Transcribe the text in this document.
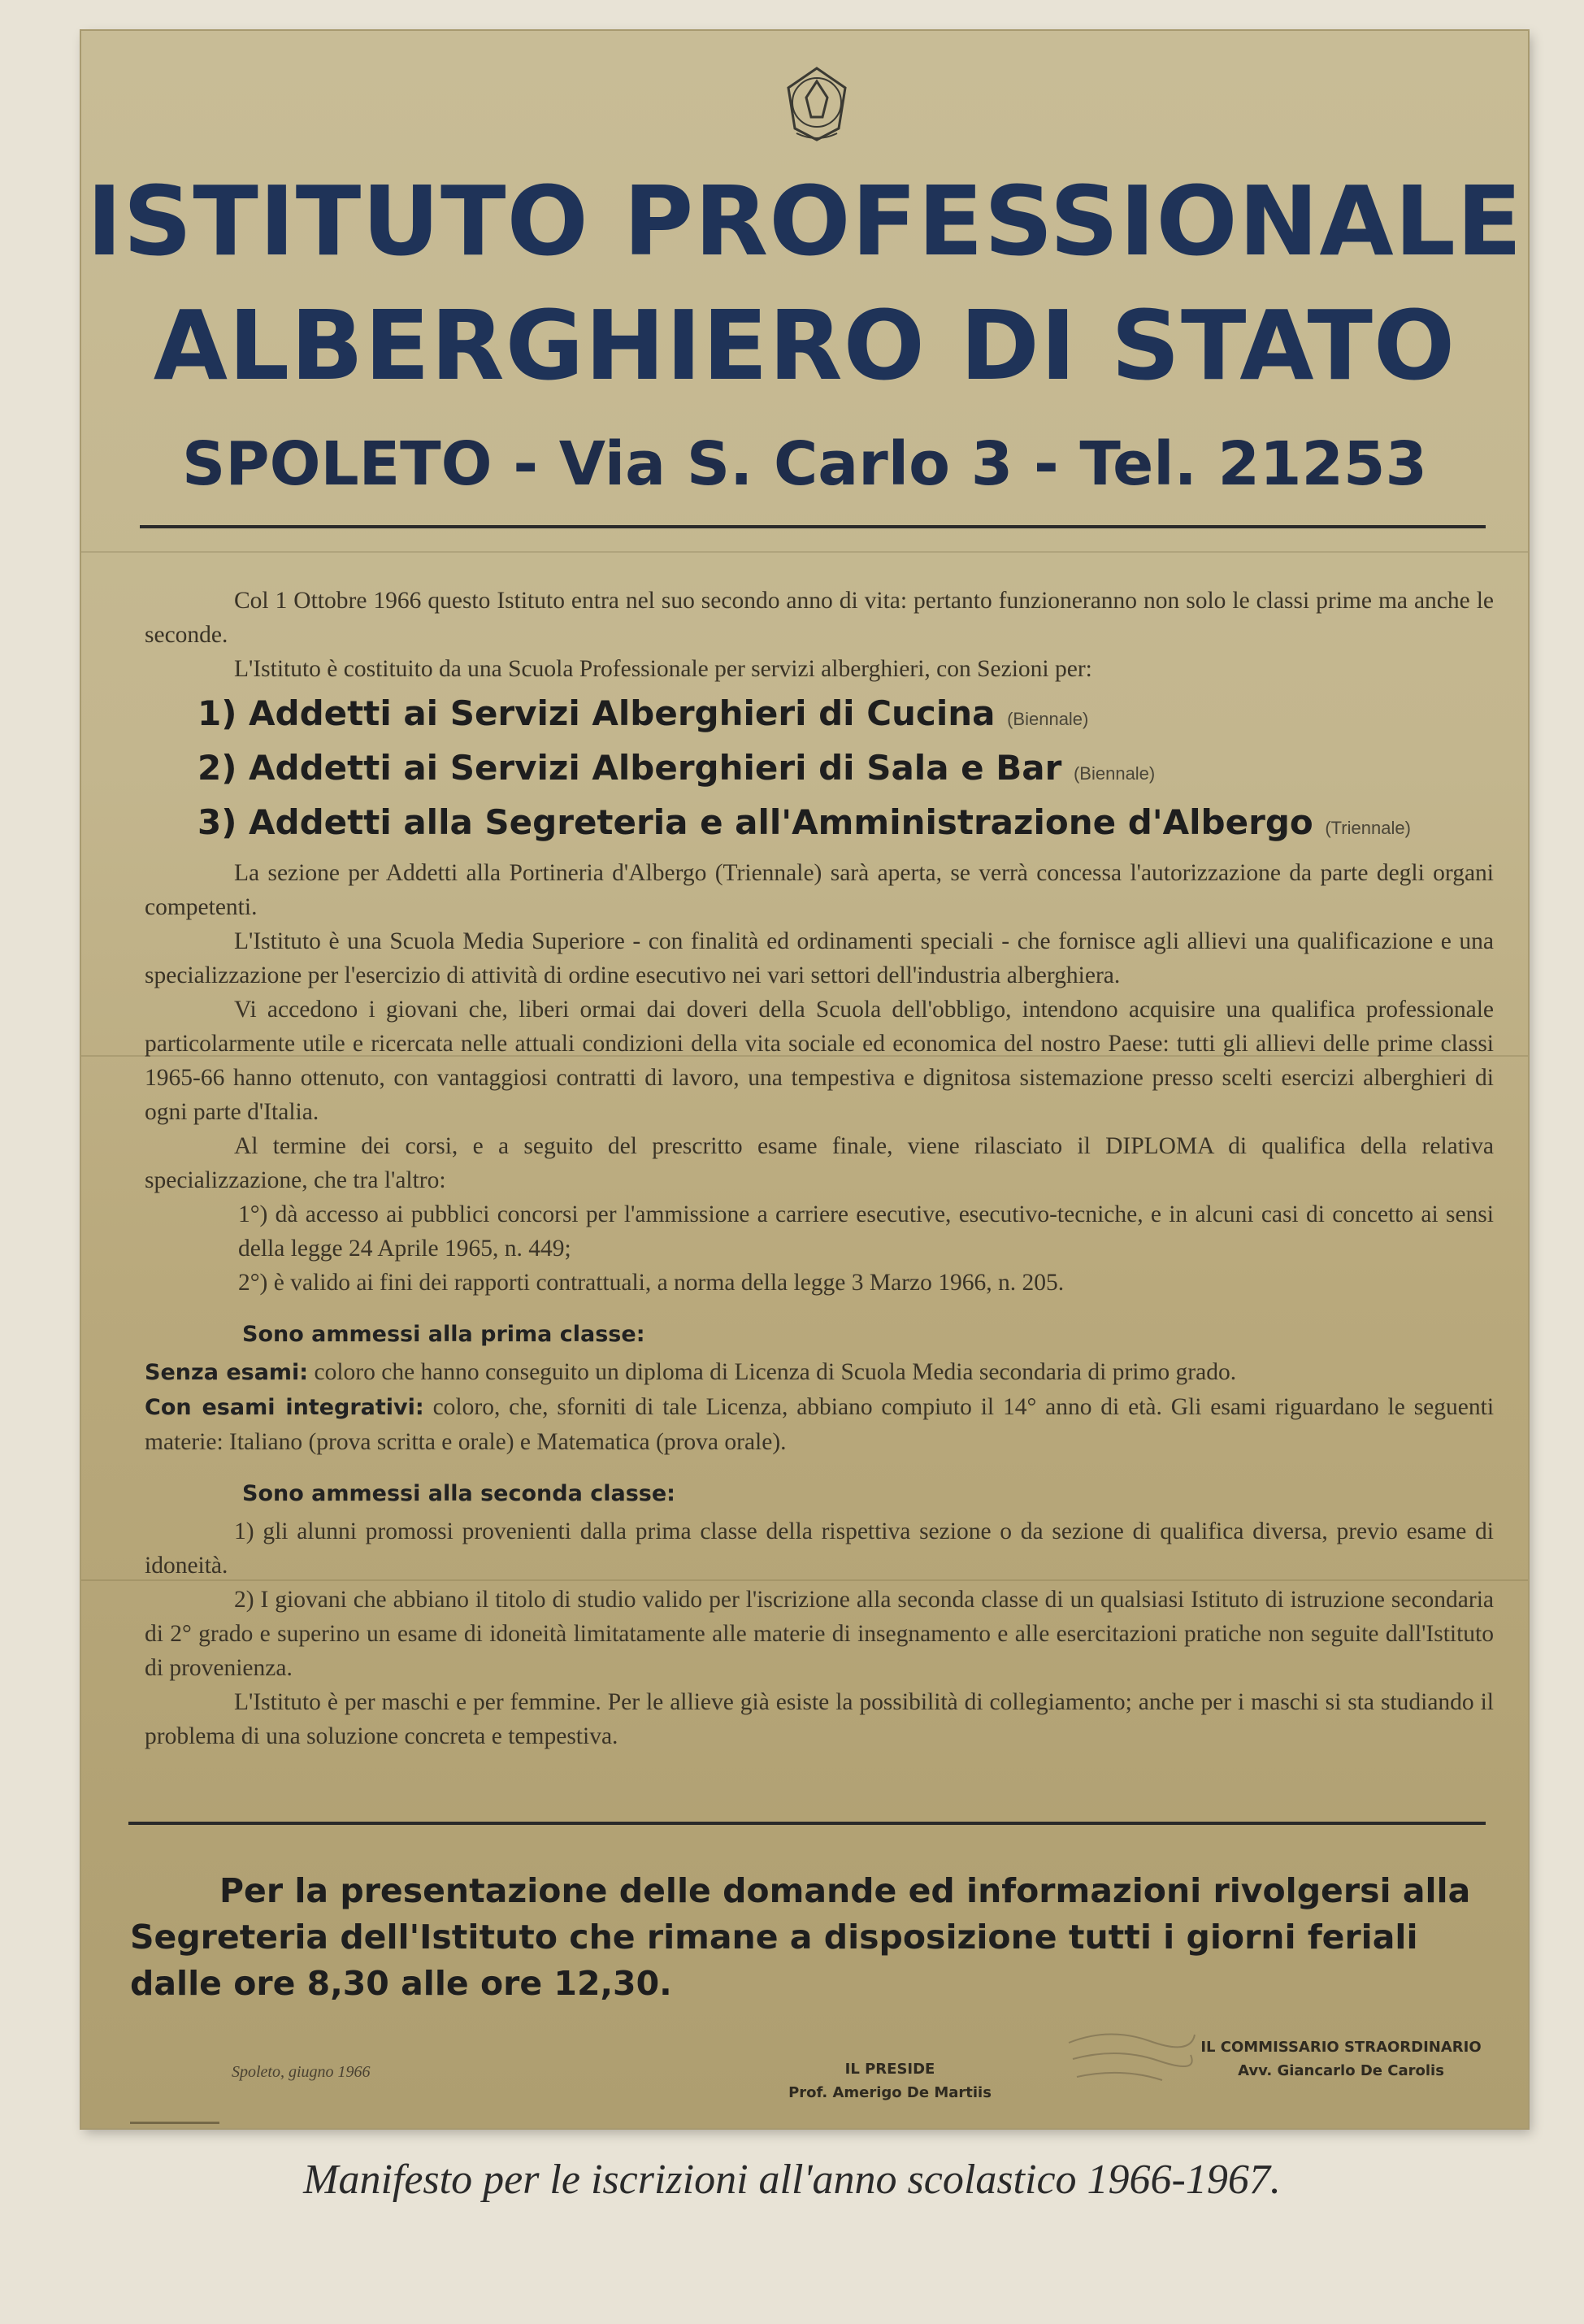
ISTITUTO PROFESSIONALE
ALBERGHIERO DI STATO
SPOLETO - Via S. Carlo 3 - Tel. 21253

Col 1 Ottobre 1966 questo Istituto entra nel suo secondo anno di vita: pertanto funzioneranno non solo le classi prime ma anche le seconde.

L'Istituto è costituito da una Scuola Professionale per servizi alberghieri, con Sezioni per:

1) Addetti ai Servizi Alberghieri di Cucina (Biennale)
2) Addetti ai Servizi Alberghieri di Sala e Bar (Biennale)
3) Addetti alla Segreteria e all'Amministrazione d'Albergo (Triennale)

La sezione per Addetti alla Portineria d'Albergo (Triennale) sarà aperta, se verrà concessa l'autorizzazione da parte degli organi competenti.

L'Istituto è una Scuola Media Superiore - con finalità ed ordinamenti speciali - che fornisce agli allievi una qualificazione e una specializzazione per l'esercizio di attività di ordine esecutivo nei vari settori dell'industria alberghiera.

Vi accedono i giovani che, liberi ormai dai doveri della Scuola dell'obbligo, intendono acquisire una qualifica professionale particolarmente utile e ricercata nelle attuali condizioni della vita sociale ed economica del nostro Paese: tutti gli allievi delle prime classi 1965-66 hanno ottenuto, con vantaggiosi contratti di lavoro, una tempestiva e dignitosa sistemazione presso scelti esercizi alberghieri di ogni parte d'Italia.

Al termine dei corsi, e a seguito del prescritto esame finale, viene rilasciato il DIPLOMA di qualifica della relativa specializzazione, che tra l'altro:

1°) dà accesso ai pubblici concorsi per l'ammissione a carriere esecutive, esecutivo-tecniche, e in alcuni casi di concetto ai sensi della legge 24 Aprile 1965, n. 449;

2°) è valido ai fini dei rapporti contrattuali, a norma della legge 3 Marzo 1966, n. 205.

Sono ammessi alla prima classe:

Senza esami: coloro che hanno conseguito un diploma di Licenza di Scuola Media secondaria di primo grado.

Con esami integrativi: coloro, che, sforniti di tale Licenza, abbiano compiuto il 14° anno di età. Gli esami riguardano le seguenti materie: Italiano (prova scritta e orale) e Matematica (prova orale).

Sono ammessi alla seconda classe:

1) gli alunni promossi provenienti dalla prima classe della rispettiva sezione o da sezione di qualifica diversa, previo esame di idoneità.

2) I giovani che abbiano il titolo di studio valido per l'iscrizione alla seconda classe di un qualsiasi Istituto di istruzione secondaria di 2° grado e superino un esame di idoneità limitatamente alle materie di insegnamento e alle esercitazioni pratiche non seguite dall'Istituto di provenienza.

L'Istituto è per maschi e per femmine. Per le allieve già esiste la possibilità di collegiamento; anche per i maschi si sta studiando il problema di una soluzione concreta e tempestiva.

Per la presentazione delle domande ed informazioni rivolgersi alla Segreteria dell'Istituto che rimane a disposizione tutti i giorni feriali dalle ore 8,30 alle ore 12,30.
Spoleto, giugno 1966	IL PRESIDE
Prof. Amerigo De Martiis
IL COMMISSARIO STRAORDINARIO
Avv. Giancarlo De Carolis
Manifesto per le iscrizioni all'anno scolastico 1966-1967.
